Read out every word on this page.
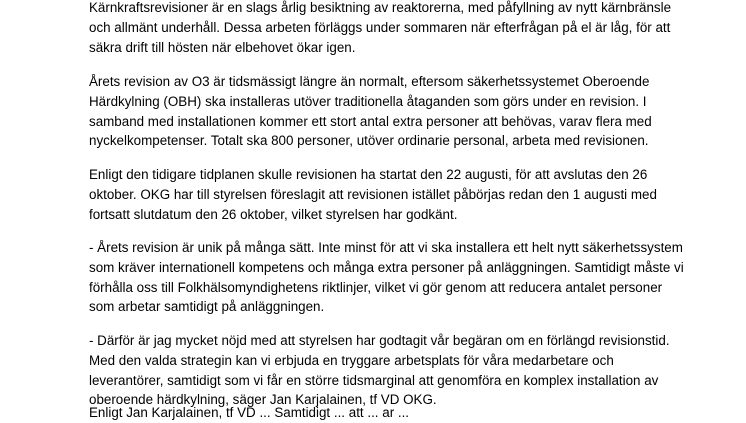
Kärnkraftsrevisioner är en slags årlig besiktning av reaktorerna, med påfyllning av nytt kärnbränsle
och allmänt underhåll. Dessa arbeten förläggs under sommaren när efterfrågan på el är låg, för att
säkra drift till hösten när elbehovet ökar igen.
Årets revision av O3 är tidsmässigt längre än normalt, eftersom säkerhetssystemet Oberoende
Härdkylning (OBH) ska installeras utöver traditionella åtaganden som görs under en revision. I
samband med installationen kommer ett stort antal extra personer att behövas, varav flera med
nyckelkompetenser. Totalt ska 800 personer, utöver ordinarie personal, arbeta med revisionen.
Enligt den tidigare tidplanen skulle revisionen ha startat den 22 augusti, för att avslutas den 26
oktober. OKG har till styrelsen föreslagit att revisionen istället påbörjas redan den 1 augusti med
fortsatt slutdatum den 26 oktober, vilket styrelsen har godkänt.
- Årets revision är unik på många sätt. Inte minst för att vi ska installera ett helt nytt säkerhetssystem
som kräver internationell kompetens och många extra personer på anläggningen. Samtidigt måste vi
förhålla oss till Folkhälsomyndighetens riktlinjer, vilket vi gör genom att reducera antalet personer
som arbetar samtidigt på anläggningen.
- Därför är jag mycket nöjd med att styrelsen har godtagit vår begäran om en förlängd revisionstid.
Med den valda strategin kan vi erbjuda en tryggare arbetsplats för våra medarbetare och
leverantörer, samtidigt som vi får en större tidsmarginal att genomföra en komplex installation av
oberoende härdkylning, säger Jan Karjalainen, tf VD OKG.
Enligt Jan Karjalainen, tf VD ... Samtidigt ... att ... ar ...
